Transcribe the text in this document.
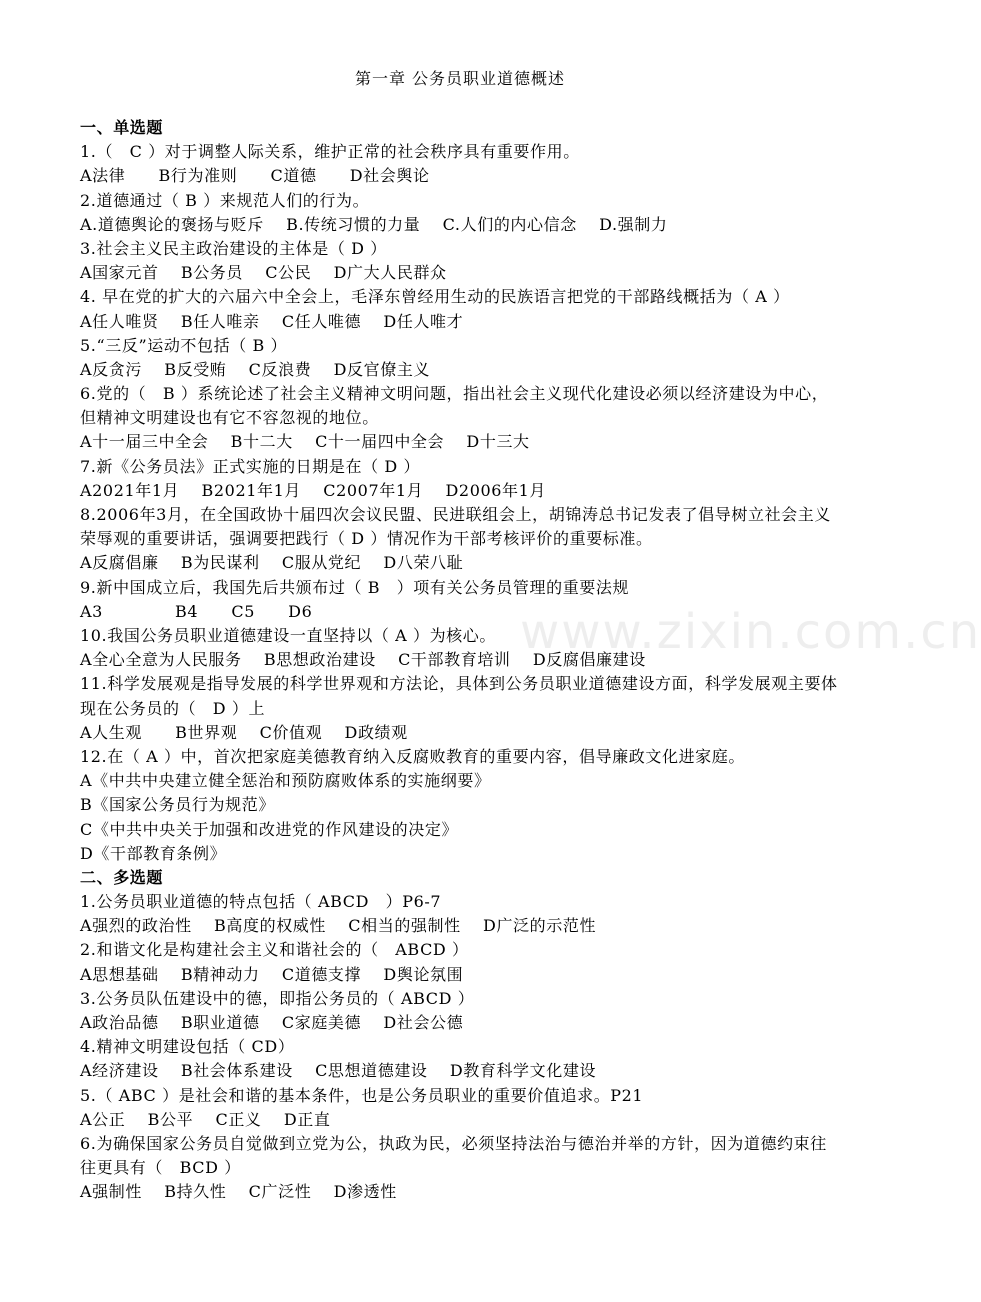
第一章 公务员职业道德概述
一、单选题
1.（　C ）对于调整人际关系，维护正常的社会秩序具有重要作用。
A法律　　B行为准则　　C道德　　D社会舆论
2.道德通过（ B ）来规范人们的行为。
A.道德舆论的褒扬与贬斥　 B.传统习惯的力量　 C.人们的内心信念　 D.强制力
3.社会主义民主政治建设的主体是（ D ）
A国家元首　 B公务员　 C公民　 D广大人民群众
4. 早在党的扩大的六届六中全会上，毛泽东曾经用生动的民族语言把党的干部路线概括为（ A ）
A任人唯贤　 B任人唯亲　 C任人唯德　 D任人唯才
5.“三反”运动不包括（ B ）
A反贪污　 B反受贿　 C反浪费　 D反官僚主义
6.党的（　B ）系统论述了社会主义精神文明问题，指出社会主义现代化建设必须以经济建设为中心，但精神文明建设也有它不容忽视的地位。
A十一届三中全会　 B十二大　 C十一届四中全会　 D十三大
7.新《公务员法》正式实施的日期是在（ D ）
A2021年1月　 B2021年1月　 C2007年1月　 D2006年1月
8.2006年3月，在全国政协十届四次会议民盟、民进联组会上，胡锦涛总书记发表了倡导树立社会主义荣辱观的重要讲话，强调要把践行（ D ）情况作为干部考核评价的重要标准。
A反腐倡廉　 B为民谋利　 C服从党纪　 D八荣八耻
9.新中国成立后，我国先后共颁布过（ B　）项有关公务员管理的重要法规
A3　　　　 B4　　C5　　D6
10.我国公务员职业道德建设一直坚持以（ A ）为核心。
A全心全意为人民服务　 B思想政治建设　 C干部教育培训　 D反腐倡廉建设
11.科学发展观是指导发展的科学世界观和方法论，具体到公务员职业道德建设方面，科学发展观主要体现在公务员的（　D ）上
A人生观　　B世界观　 C价值观　 D政绩观
12.在（ A ）中，首次把家庭美德教育纳入反腐败教育的重要内容，倡导廉政文化进家庭。
A《中共中央建立健全惩治和预防腐败体系的实施纲要》
B《国家公务员行为规范》
C《中共中央关于加强和改进党的作风建设的决定》
D《干部教育条例》
二、多选题
1.公务员职业道德的特点包括（ ABCD　）P6-7
A强烈的政治性　 B高度的权威性　 C相当的强制性　 D广泛的示范性
2.和谐文化是构建社会主义和谐社会的（　ABCD ）
A思想基础　 B精神动力　 C道德支撑　 D舆论氛围
3.公务员队伍建设中的德，即指公务员的（ ABCD ）
A政治品德　 B职业道德　 C家庭美德　 D社会公德
4.精神文明建设包括（ CD）
A经济建设　 B社会体系建设　 C思想道德建设　 D教育科学文化建设
5.（ ABC ）是社会和谐的基本条件，也是公务员职业的重要价值追求。P21
A公正　 B公平　 C正义　 D正直
6.为确保国家公务员自觉做到立党为公，执政为民，必须坚持法治与德治并举的方针，因为道德约束往往更具有（　BCD ）
A强制性　 B持久性　 C广泛性　 D渗透性
www.zixin.com.cn
